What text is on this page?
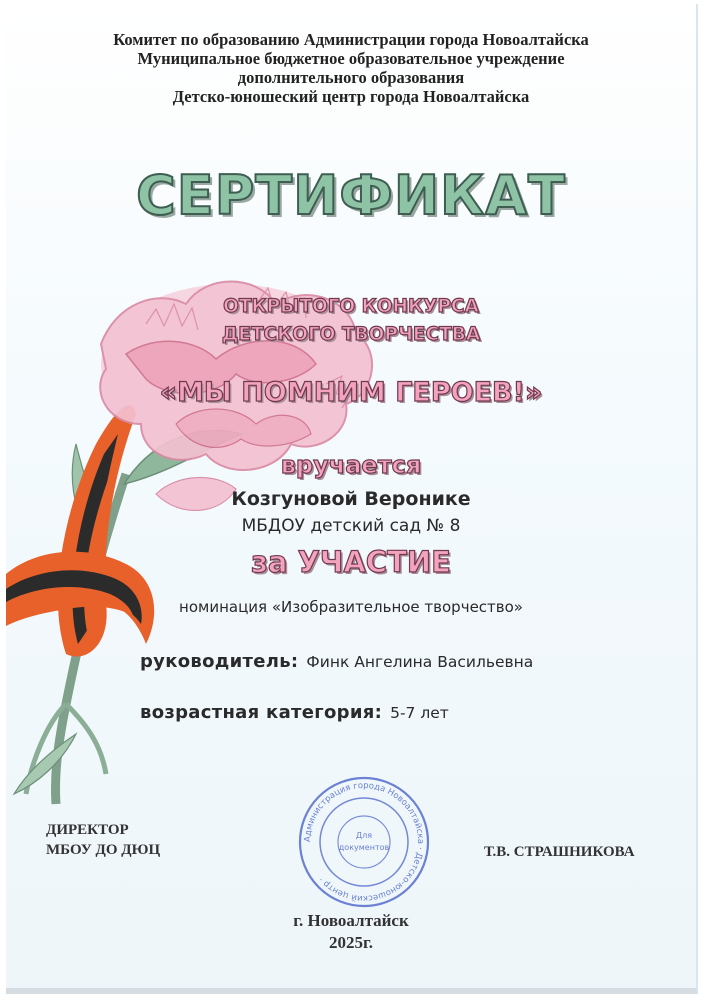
Комитет по образованию Администрации города Новоалтайска
Муниципальное бюджетное образовательное учреждение
дополнительного образования
Детско-юношеский центр города Новоалтайска
СЕРТИФИКАТ
ОТКРЫТОГО КОНКУРСА
ДЕТСКОГО ТВОРЧЕСТВА
«МЫ ПОМНИМ ГЕРОЕВ!»
вручается
Козгуновой Веронике
МБДОУ детский сад № 8
за УЧАСТИЕ
номинация «Изобразительное творчество»
руководитель: Финк Ангелина Васильевна
возрастная категория: 5-7 лет
ДИРЕКТОР
МБОУ ДО ДЮЦ	Т.В. СТРАШНИКОВА
Администрация города Новоалтайска · Детско-юношеский центр ·
Для
документов
г. Новоалтайск
2025г.
